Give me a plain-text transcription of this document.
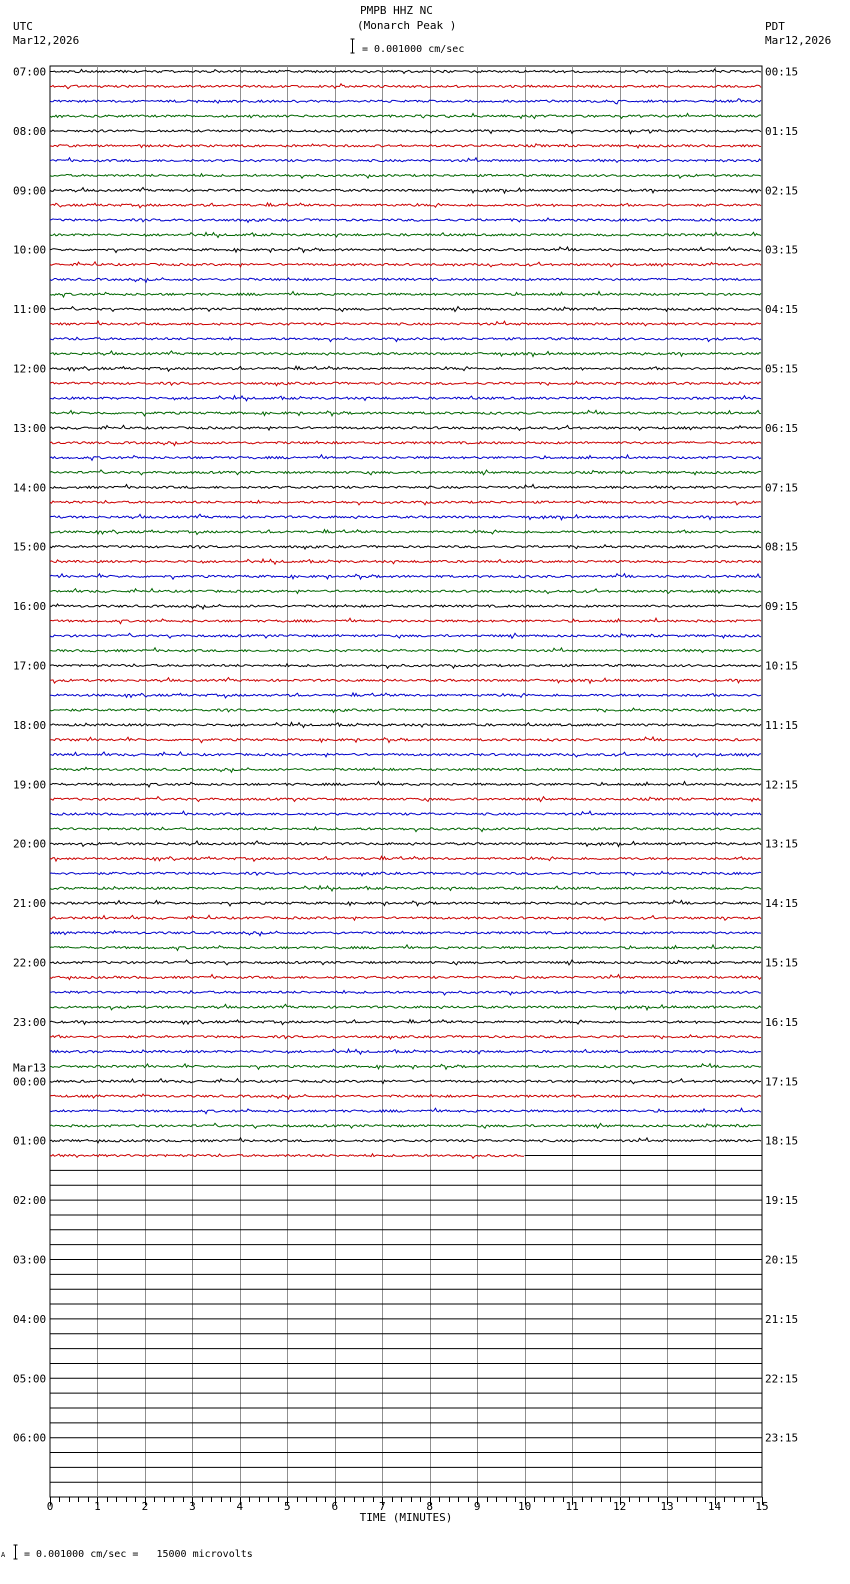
PMPB HHZ NC
(Monarch Peak )
= 0.001000 cm/sec
UTC
Mar12,2026
PDT
Mar12,2026
A = 0.001000 cm/sec =   15000 microvolts
07:00	00:15
08:00	01:15
09:00	02:15
10:00	03:15
11:00	04:15
12:00	05:15
13:00	06:15
14:00	07:15
15:00	08:15
16:00	09:15
17:00	10:15
18:00	11:15
19:00	12:15
20:00	13:15
21:00	14:15
22:00	15:15
23:00	16:15
00:00	17:15
01:00	18:15
02:00	19:15
03:00	20:15
04:00	21:15
05:00	22:15
06:00	23:15
Mar13
0	1	2	3	4	5	6	7	8	9	10	11	12	13	14	15
TIME (MINUTES)
